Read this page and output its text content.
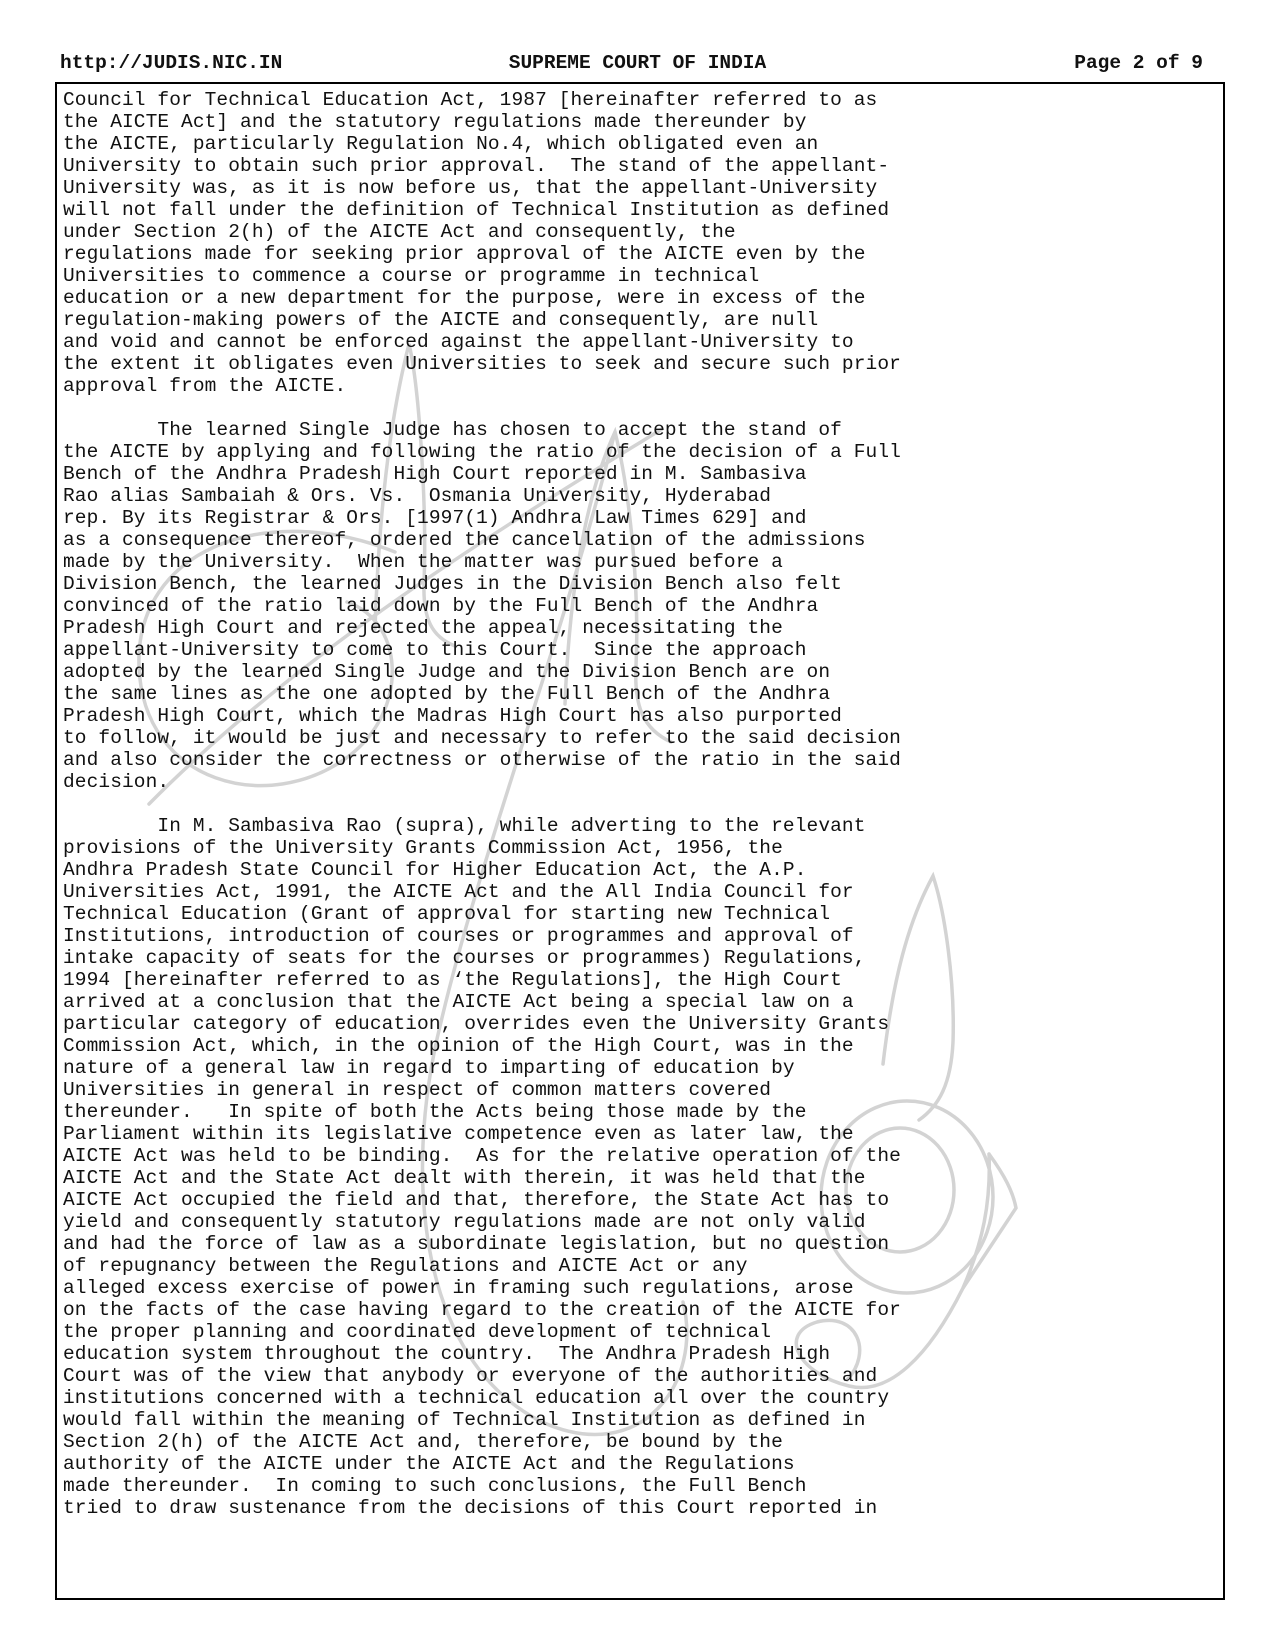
http://JUDIS.NIC.IN	SUPREME COURT OF INDIA	Page 2 of 9
Council for Technical Education Act, 1987 [hereinafter referred to as
the AICTE Act] and the statutory regulations made thereunder by
the AICTE, particularly Regulation No.4, which obligated even an
University to obtain such prior approval.  The stand of the appellant-
University was, as it is now before us, that the appellant-University
will not fall under the definition of Technical Institution as defined
under Section 2(h) of the AICTE Act and consequently, the
regulations made for seeking prior approval of the AICTE even by the
Universities to commence a course or programme in technical
education or a new department for the purpose, were in excess of the
regulation-making powers of the AICTE and consequently, are null
and void and cannot be enforced against the appellant-University to
the extent it obligates even Universities to seek and secure such prior
approval from the AICTE.
The learned Single Judge has chosen to accept the stand of
the AICTE by applying and following the ratio of the decision of a Full
Bench of the Andhra Pradesh High Court reported in M. Sambasiva
Rao alias Sambaiah & Ors. Vs.  Osmania University, Hyderabad
rep. By its Registrar & Ors. [1997(1) Andhra Law Times 629] and
as a consequence thereof, ordered the cancellation of the admissions
made by the University.  When the matter was pursued before a
Division Bench, the learned Judges in the Division Bench also felt
convinced of the ratio laid down by the Full Bench of the Andhra
Pradesh High Court and rejected the appeal, necessitating the
appellant-University to come to this Court.  Since the approach
adopted by the learned Single Judge and the Division Bench are on
the same lines as the one adopted by the Full Bench of the Andhra
Pradesh High Court, which the Madras High Court has also purported
to follow, it would be just and necessary to refer to the said decision
and also consider the correctness or otherwise of the ratio in the said
decision.
In M. Sambasiva Rao (supra), while adverting to the relevant
provisions of the University Grants Commission Act, 1956, the
Andhra Pradesh State Council for Higher Education Act, the A.P.
Universities Act, 1991, the AICTE Act and the All India Council for
Technical Education (Grant of approval for starting new Technical
Institutions, introduction of courses or programmes and approval of
intake capacity of seats for the courses or programmes) Regulations,
1994 [hereinafter referred to as ‘the Regulations], the High Court
arrived at a conclusion that the AICTE Act being a special law on a
particular category of education, overrides even the University Grants
Commission Act, which, in the opinion of the High Court, was in the
nature of a general law in regard to imparting of education by
Universities in general in respect of common matters covered
thereunder.   In spite of both the Acts being those made by the
Parliament within its legislative competence even as later law, the
AICTE Act was held to be binding.  As for the relative operation of the
AICTE Act and the State Act dealt with therein, it was held that the
AICTE Act occupied the field and that, therefore, the State Act has to
yield and consequently statutory regulations made are not only valid
and had the force of law as a subordinate legislation, but no question
of repugnancy between the Regulations and AICTE Act or any
alleged excess exercise of power in framing such regulations, arose
on the facts of the case having regard to the creation of the AICTE for
the proper planning and coordinated development of technical
education system throughout the country.  The Andhra Pradesh High
Court was of the view that anybody or everyone of the authorities and
institutions concerned with a technical education all over the country
would fall within the meaning of Technical Institution as defined in
Section 2(h) of the AICTE Act and, therefore, be bound by the
authority of the AICTE under the AICTE Act and the Regulations
made thereunder.  In coming to such conclusions, the Full Bench
tried to draw sustenance from the decisions of this Court reported in
